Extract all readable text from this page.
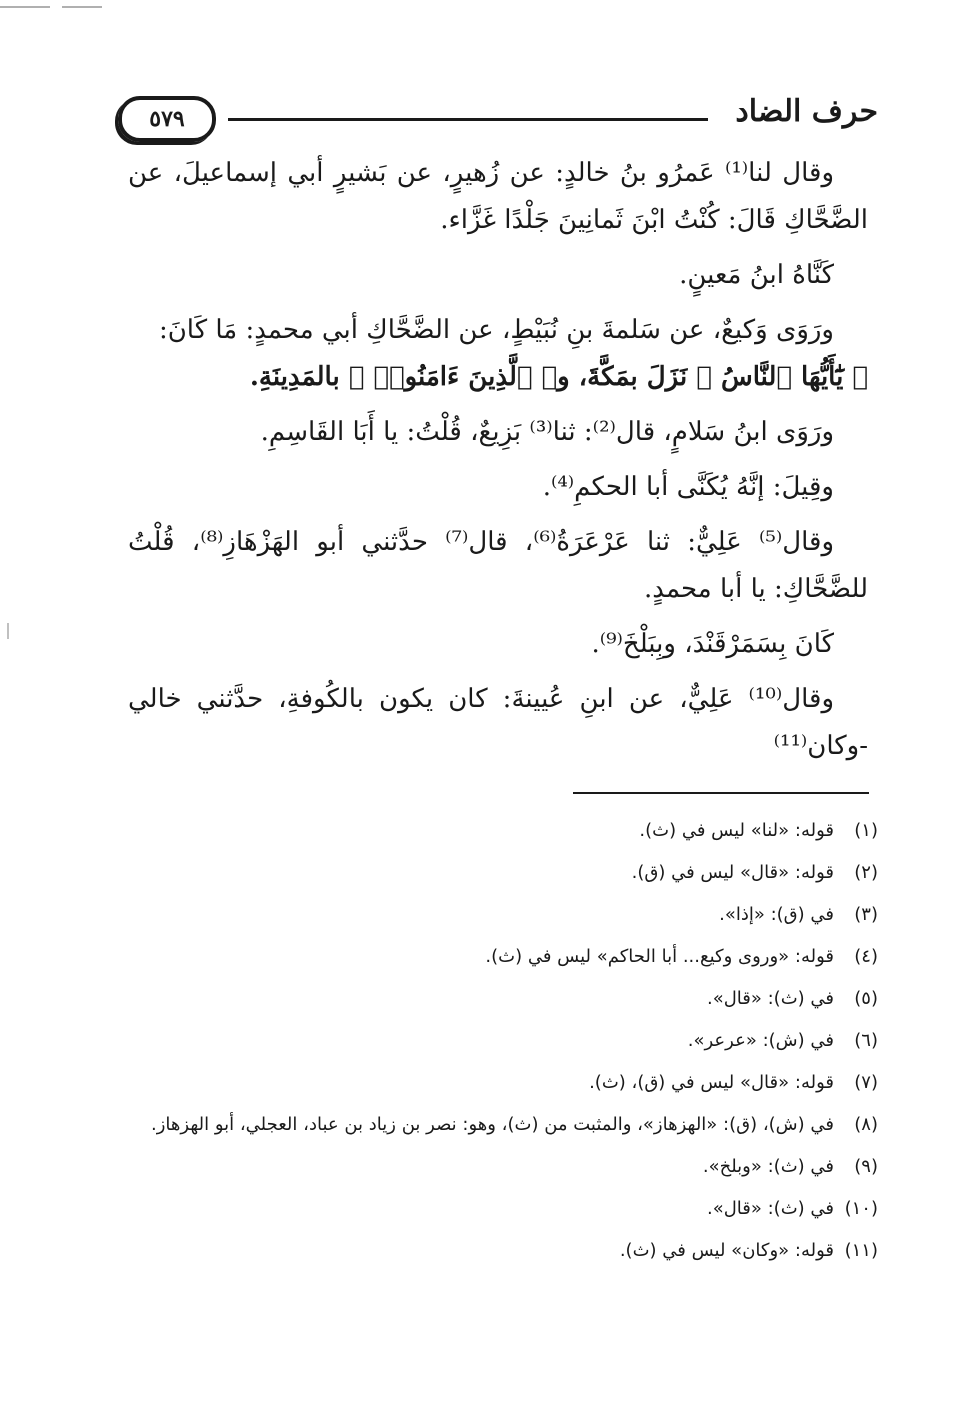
حرف الضاد
٥٧٩

وقال لنا⁽¹⁾ عَمرُو بنُ خالدٍ: عن زُهيرٍ، عن بَشيرٍ أبي إسماعيلَ، عن الضَّحَّاكِ قَالَ: كُنْتُ ابْنَ ثَمانِينَ جَلْدًا غَزَّاء.

كَنَّاهُ ابنُ مَعينٍ.

ورَوَى وَكيعٌ، عن سَلمةَ بنِ نُبَيْطٍ، عن الضَّحَّاكِ أبي محمدٍ: مَا كَانَ:

﴿ يَٰٓأَيُّهَا ٱلنَّاسُ ﴾ نَزَلَ بمَكَّةَ، و﴿ ٱلَّذِينَ ءَامَنُوا۟ ﴾ بالمَدِينَةِ.

ورَوَى ابنُ سَلامٍ، قال⁽²⁾: ثنا⁽³⁾ بَزِيعٌ، قُلْتُ: يا أَبَا القَاسِمِ.

وقِيلَ: إنَّهُ يُكَنَّى أبا الحكمِ⁽⁴⁾.

وقال⁽⁵⁾ عَلِيٌّ: ثنا عَرْعَرَةُ⁽⁶⁾، قال⁽⁷⁾ حدَّثني أبو الهَزْهَازِ⁽⁸⁾، قُلْتُ للضَّحَّاكِ: يا أبا محمدٍ.

كَانَ بِسَمَرْقَنْدَ، وبِبَلْخَ⁽⁹⁾.

وقال⁽¹⁰⁾ عَلِيٌّ، عن ابنِ عُيينةَ: كان يكون بالكُوفةِ، حدَّثني خالي -وكان⁽¹¹⁾

(١)
قوله: «لنا» ليس في (ث).
(٢)
قوله: «قال» ليس في (ق).
(٣)
في (ق): «إذا».
(٤)
قوله: «وروى وكيع... أبا الحاكم» ليس في (ث).
(٥)
في (ث): «قال».
(٦)
في (ش): «عرعر».
(٧)
قوله: «قال» ليس في (ق)، (ث).
(٨)
في (ش)، (ق): «الهزهاز»، والمثبت من (ث)، وهو: نصر بن زياد بن عباد، العجلي، أبو الهزهاز.
(٩)
في (ث): «وبلخ».
(١٠)
في (ث): «قال».
(١١)
قوله: «وكان» ليس في (ث).
